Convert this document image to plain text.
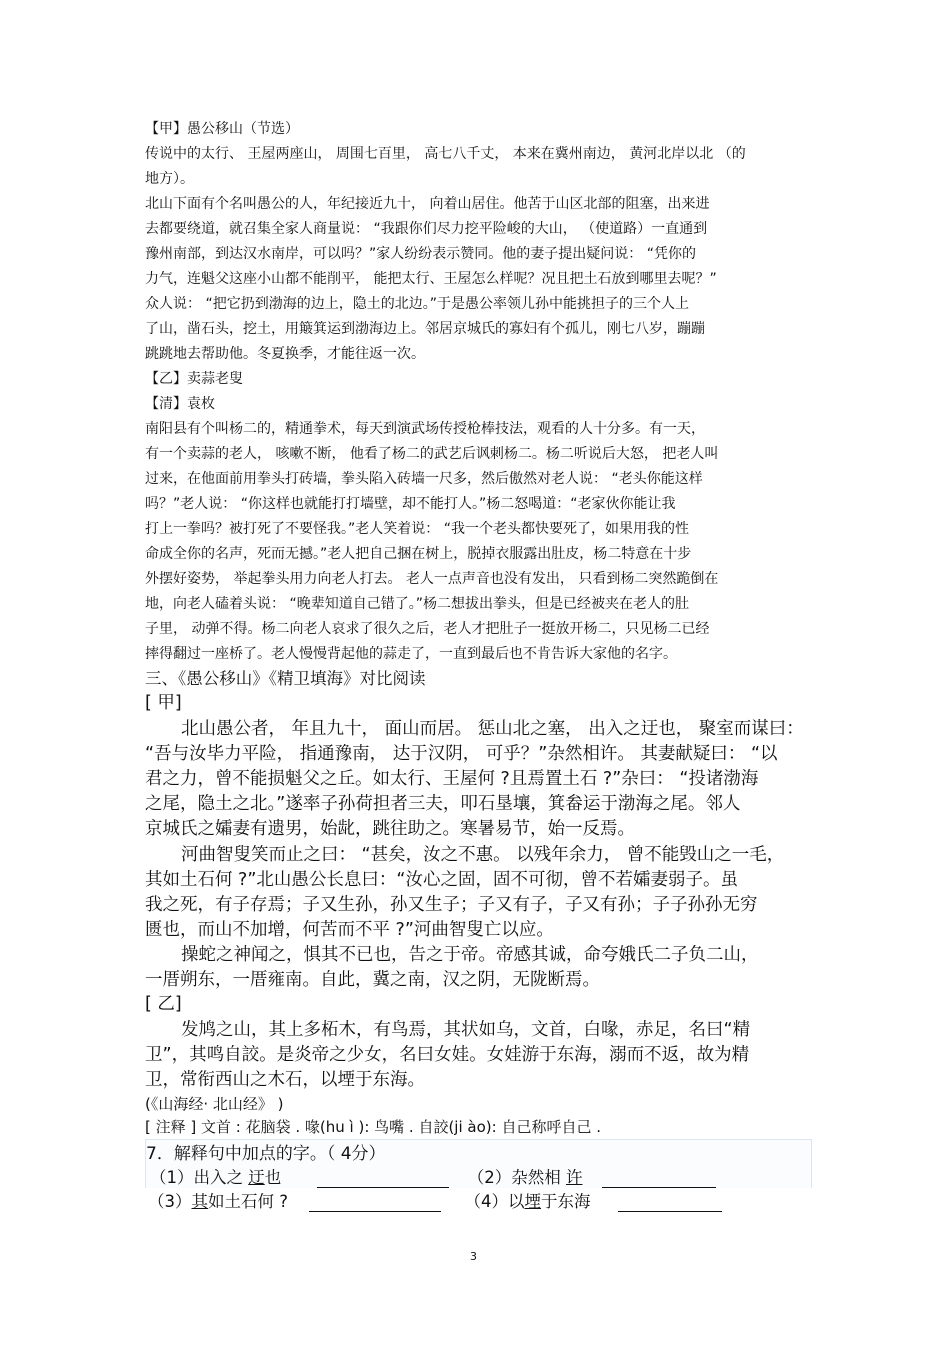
【甲】愚公移山（节选）

传说中的太行、 王屋两座山， 周围七百里， 高七八千丈， 本来在冀州南边， 黄河北岸以北 （的

地方）。

北山下面有个名叫愚公的人，年纪接近九十， 向着山居住。他苦于山区北部的阻塞，出来进

去都要绕道，就召集全家人商量说： “我跟你们尽力挖平险峻的大山， （使道路）一直通到

豫州南部，到达汉水南岸，可以吗？”家人纷纷表示赞同。他的妻子提出疑问说： “凭你的

力气，连魁父这座小山都不能削平， 能把太行、王屋怎么样呢？况且把土石放到哪里去呢？”

众人说： “把它扔到渤海的边上，隐土的北边。”于是愚公率领儿孙中能挑担子的三个人上

了山，凿石头，挖土，用簸箕运到渤海边上。邻居京城氏的寡妇有个孤儿，刚七八岁，蹦蹦

跳跳地去帮助他。冬夏换季，才能往返一次。

【乙】卖蒜老叟

【清】袁枚

南阳县有个叫杨二的，精通拳术，每天到演武场传授枪棒技法，观看的人十分多。有一天，

有一个卖蒜的老人， 咳嗽不断， 他看了杨二的武艺后讽刺杨二。杨二听说后大怒， 把老人叫

过来，在他面前用拳头打砖墙，拳头陷入砖墙一尺多，然后傲然对老人说： “老头你能这样

吗？”老人说： “你这样也就能打打墙壁，却不能打人。”杨二怒喝道：“老家伙你能让我

打上一拳吗？被打死了不要怪我。”老人笑着说： “我一个老头都快要死了，如果用我的性

命成全你的名声，死而无撼。”老人把自己捆在树上，脱掉衣服露出肚皮，杨二特意在十步

外摆好姿势， 举起拳头用力向老人打去。 老人一点声音也没有发出， 只看到杨二突然跪倒在

地，向老人磕着头说： “晚辈知道自己错了。”杨二想拔出拳头，但是已经被夹在老人的肚

子里， 动弹不得。杨二向老人哀求了很久之后，老人才把肚子一挺放开杨二，只见杨二已经

摔得翻过一座桥了。老人慢慢背起他的蒜走了，一直到最后也不肯告诉大家他的名字。

三、《愚公移山》《精卫填海》对比阅读

[ 甲]

北山愚公者， 年且九十， 面山而居。 惩山北之塞， 出入之迂也， 聚室而谋曰：

“吾与汝毕力平险， 指通豫南， 达于汉阴， 可乎？”杂然相许。 其妻献疑曰： “以

君之力，曾不能损魁父之丘。如太行、王屋何 ?且焉置土石 ?”杂曰： “投诸渤海

之尾，隐土之北。”遂率子孙荷担者三夫，叩石垦壤，箕畚运于渤海之尾。邻人

京城氏之孀妻有遗男，始龀，跳往助之。寒暑易节，始一反焉。

河曲智叟笑而止之曰： “甚矣，汝之不惠。 以残年余力， 曾不能毁山之一毛，

其如土石何 ?”北山愚公长息曰：“汝心之固，固不可彻，曾不若孀妻弱子。虽

我之死，有子存焉；子又生孙，孙又生子；子又有子，子又有孙；子子孙孙无穷

匮也，而山不加增，何苦而不平 ?”河曲智叟亡以应。

操蛇之神闻之，惧其不已也，告之于帝。帝感其诚，命夸娥氏二子负二山，

一厝朔东，一厝雍南。自此，冀之南，汉之阴，无陇断焉。

[ 乙]

发鸠之山，其上多柘木，有鸟焉，其状如乌，文首，白喙，赤足，名曰“精

卫”，其鸣自詨。是炎帝之少女，名曰女娃。女娃游于东海，溺而不返，故为精

卫，常衔西山之木石，以堙于东海。

(《山海经· 北山经》 )

[ 注释 ] 文首 : 花脑袋 . 喙(hu ì ): 鸟嘴 . 自詨(ji ào): 自己称呼自己 .

7．解释句中加点的字。（ 4分）
（1）出入之 迂也	（2）杂然相 许
（3）其如土石何 ?	（4）以堙于东海
3
